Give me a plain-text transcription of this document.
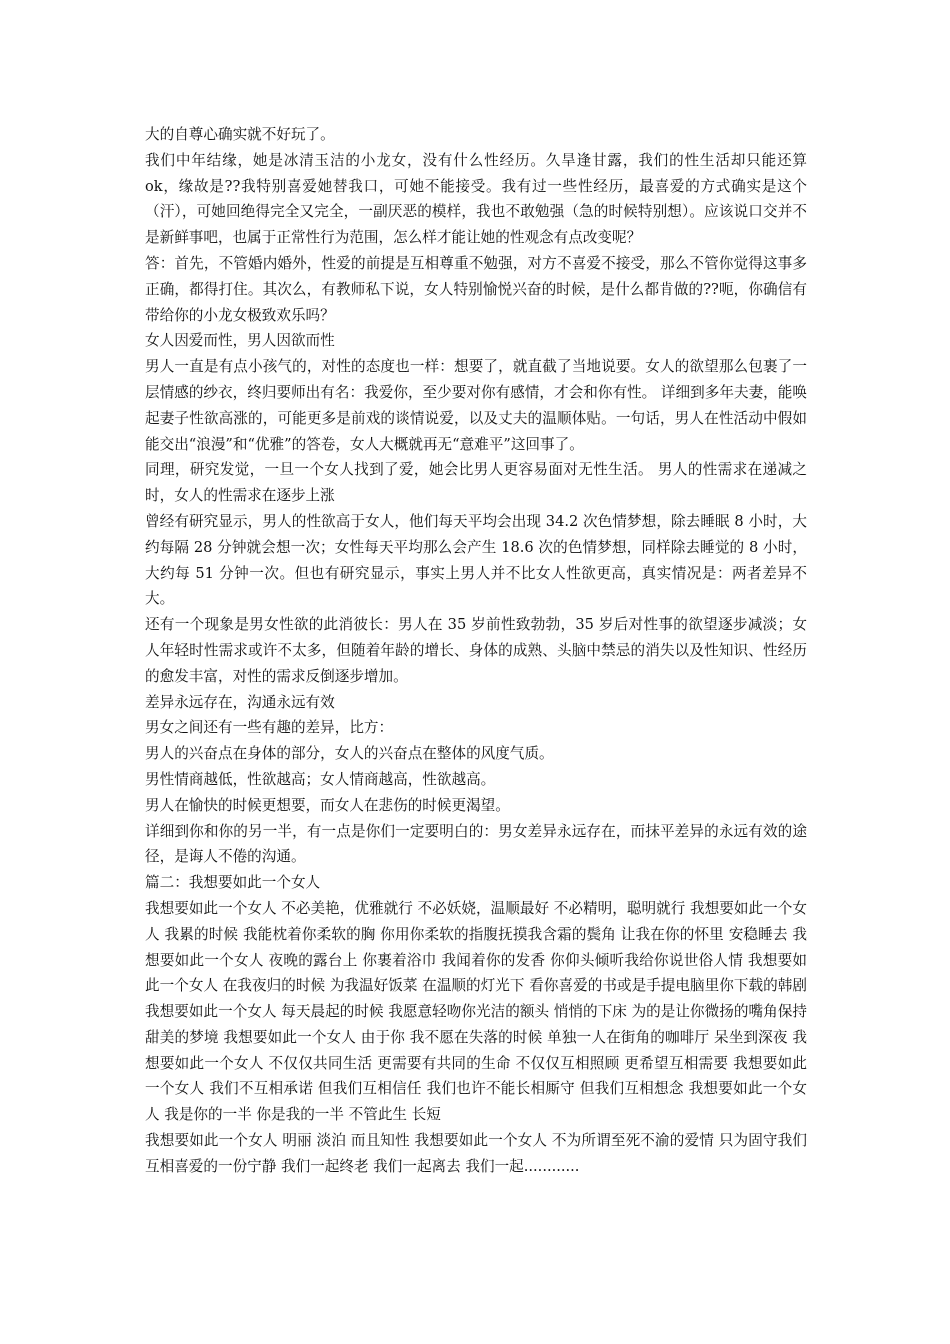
大的自尊心确实就不好玩了。

我们中年结缘，她是冰清玉洁的小龙女，没有什么性经历。久旱逢甘露，我们的性生活却只能还算 ok，缘故是??我特别喜爱她替我口，可她不能接受。我有过一些性经历，最喜爱的方式确实是这个（汗），可她回绝得完全又完全，一副厌恶的模样，我也不敢勉强（急的时候特别想）。应该说口交并不是新鲜事吧，也属于正常性行为范围，怎么样才能让她的性观念有点改变呢？

答：首先，不管婚内婚外，性爱的前提是互相尊重不勉强，对方不喜爱不接受，那么不管你觉得这事多正确，都得打住。其次么，有教师私下说，女人特别愉悦兴奋的时候，是什么都肯做的??呃，你确信有带给你的小龙女极致欢乐吗？

女人因爱而性，男人因欲而性

男人一直是有点小孩气的，对性的态度也一样：想要了，就直截了当地说要。女人的欲望那么包裹了一层情感的纱衣，终归要师出有名：我爱你，至少要对你有感情，才会和你有性。 详细到多年夫妻，能唤起妻子性欲高涨的，可能更多是前戏的谈情说爱，以及丈夫的温顺体贴。一句话，男人在性活动中假如能交出“浪漫”和“优雅”的答卷，女人大概就再无“意难平”这回事了。

同理，研究发觉，一旦一个女人找到了爱，她会比男人更容易面对无性生活。 男人的性需求在递减之时，女人的性需求在逐步上涨

曾经有研究显示，男人的性欲高于女人，他们每天平均会出现 34.2 次色情梦想，除去睡眠 8 小时，大约每隔 28 分钟就会想一次；女性每天平均那么会产生 18.6 次的色情梦想，同样除去睡觉的 8 小时，大约每 51 分钟一次。但也有研究显示，事实上男人并不比女人性欲更高，真实情况是：两者差异不大。

还有一个现象是男女性欲的此消彼长：男人在 35 岁前性致勃勃，35 岁后对性事的欲望逐步减淡；女人年轻时性需求或许不太多，但随着年龄的增长、身体的成熟、头脑中禁忌的消失以及性知识、性经历的愈发丰富，对性的需求反倒逐步增加。

差异永远存在，沟通永远有效

男女之间还有一些有趣的差异，比方：

男人的兴奋点在身体的部分，女人的兴奋点在整体的风度气质。

男性情商越低，性欲越高；女人情商越高，性欲越高。

男人在愉快的时候更想要，而女人在悲伤的时候更渴望。

详细到你和你的另一半，有一点是你们一定要明白的：男女差异永远存在，而抹平差异的永远有效的途径，是诲人不倦的沟通。

篇二：我想要如此一个女人

我想要如此一个女人 不必美艳，优雅就行 不必妖娆，温顺最好 不必精明，聪明就行 我想要如此一个女人 我累的时候 我能枕着你柔软的胸 你用你柔软的指腹抚摸我含霜的鬓角 让我在你的怀里 安稳睡去 我想要如此一个女人 夜晚的露台上 你裹着浴巾 我闻着你的发香 你仰头倾听我给你说世俗人情 我想要如此一个女人 在我夜归的时候 为我温好饭菜 在温顺的灯光下 看你喜爱的书或是手提电脑里你下载的韩剧 我想要如此一个女人 每天晨起的时候 我愿意轻吻你光洁的额头 悄悄的下床 为的是让你微扬的嘴角保持甜美的梦境 我想要如此一个女人 由于你 我不愿在失落的时候 单独一人在街角的咖啡厅 呆坐到深夜 我想要如此一个女人 不仅仅共同生活 更需要有共同的生命 不仅仅互相照顾 更希望互相需要 我想要如此一个女人 我们不互相承诺 但我们互相信任 我们也许不能长相厮守 但我们互相想念 我想要如此一个女人 我是你的一半 你是我的一半 不管此生 长短

我想要如此一个女人 明丽 淡泊 而且知性 我想要如此一个女人 不为所谓至死不渝的爱情 只为固守我们互相喜爱的一份宁静 我们一起终老 我们一起离去 我们一起............
